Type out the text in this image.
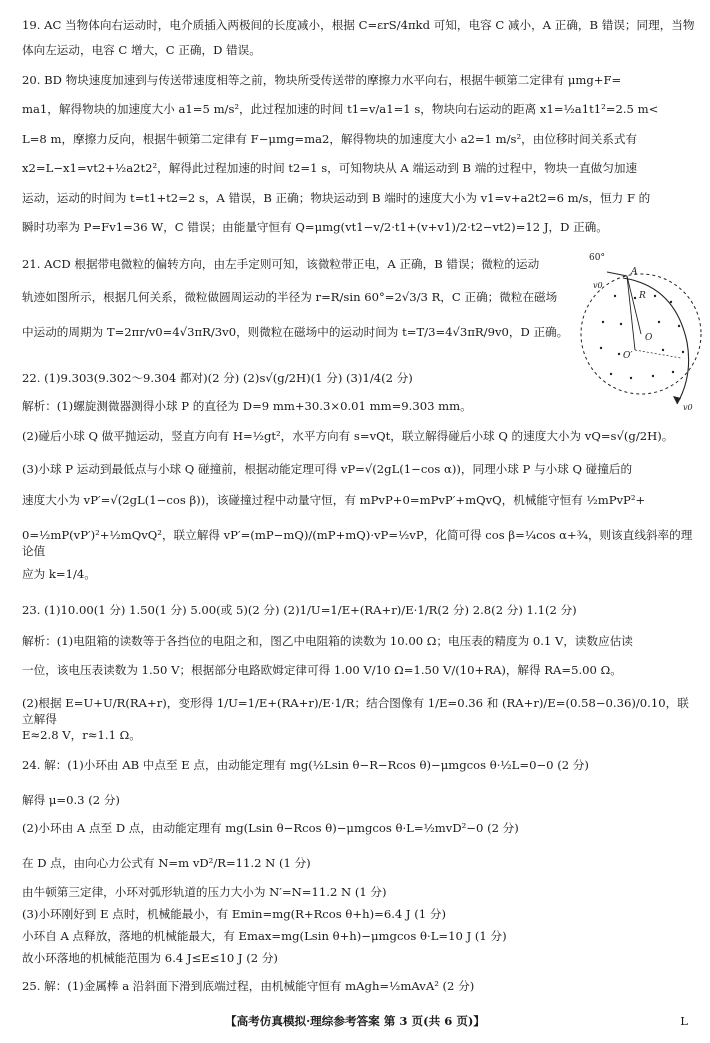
19. AC 当物体向右运动时，电介质插入两极间的长度减小，根据 C=εrS/4πkd 可知，电容 C 减小，A 正确，B 错误；同理，当物
体向左运动，电容 C 增大，C 正确，D 错误。
20. BD 物块速度加速到与传送带速度相等之前，物块所受传送带的摩擦力水平向右，根据牛顿第二定律有 μmg+F=
ma1，解得物块的加速度大小 a1=5 m/s²，此过程加速的时间 t1=v/a1=1 s，物块向右运动的距离 x1=½a1t1²=2.5 m<
L=8 m，摩擦力反向，根据牛顿第二定律有 F−μmg=ma2，解得物块的加速度大小 a2=1 m/s²，由位移时间关系式有
x2=L−x1=vt2+½a2t2²，解得此过程加速的时间 t2=1 s，可知物块从 A 端运动到 B 端的过程中，物块一直做匀加速
运动，运动的时间为 t=t1+t2=2 s，A 错误，B 正确；物块运动到 B 端时的速度大小为 v1=v+a2t2=6 m/s，恒力 F 的
瞬时功率为 P=Fv1=36 W，C 错误；由能量守恒有 Q=μmg(vt1−v/2·t1+(v+v1)/2·t2−vt2)=12 J，D 正确。
21. ACD 根据带电微粒的偏转方向，由左手定则可知，该微粒带正电，A 正确，B 错误；微粒的运动
轨迹如图所示，根据几何关系，微粒做圆周运动的半径为 r=R/sin 60°=2√3/3 R，C 正确；微粒在磁场
中运动的周期为 T=2πr/v0=4√3πR/3v0，则微粒在磁场中的运动时间为 t=T/3=4√3πR/9v0，D 正确。
60°
A
v0
R
O
O′
v0
22. (1)9.303(9.302～9.304 都对)(2 分) (2)s√(g/2H)(1 分) (3)1/4(2 分)
解析：(1)螺旋测微器测得小球 P 的直径为 D=9 mm+30.3×0.01 mm=9.303 mm。
(2)碰后小球 Q 做平抛运动，竖直方向有 H=½gt²，水平方向有 s=vQt，联立解得碰后小球 Q 的速度大小为 vQ=s√(g/2H)。
(3)小球 P 运动到最低点与小球 Q 碰撞前，根据动能定理可得 vP=√(2gL(1−cos α))，同理小球 P 与小球 Q 碰撞后的
速度大小为 vP′=√(2gL(1−cos β))，该碰撞过程中动量守恒，有 mPvP+0=mPvP′+mQvQ，机械能守恒有 ½mPvP²+
0=½mP(vP′)²+½mQvQ²，联立解得 vP′=(mP−mQ)/(mP+mQ)·vP=½vP，化简可得 cos β=¼cos α+¾，则该直线斜率的理论值
应为 k=1/4。
23. (1)10.00(1 分) 1.50(1 分) 5.00(或 5)(2 分) (2)1/U=1/E+(RA+r)/E·1/R(2 分) 2.8(2 分) 1.1(2 分)
解析：(1)电阻箱的读数等于各挡位的电阻之和，图乙中电阻箱的读数为 10.00 Ω；电压表的精度为 0.1 V，读数应估读
一位，该电压表读数为 1.50 V；根据部分电路欧姆定律可得 1.00 V/10 Ω=1.50 V/(10+RA)，解得 RA=5.00 Ω。
(2)根据 E=U+U/R(RA+r)，变形得 1/U=1/E+(RA+r)/E·1/R；结合图像有 1/E=0.36 和 (RA+r)/E=(0.58−0.36)/0.10，联立解得
E≈2.8 V，r≈1.1 Ω。
24. 解：(1)小环由 AB 中点至 E 点，由动能定理有 mg(½Lsin θ−R−Rcos θ)−μmgcos θ·½L=0−0 (2 分)
解得 μ=0.3 (2 分)
(2)小环由 A 点至 D 点，由动能定理有 mg(Lsin θ−Rcos θ)−μmgcos θ·L=½mvD²−0 (2 分)
在 D 点，由向心力公式有 N=m vD²/R=11.2 N (1 分)
由牛顿第三定律，小环对弧形轨道的压力大小为 N′=N=11.2 N (1 分)
(3)小环刚好到 E 点时，机械能最小，有 Emin=mg(R+Rcos θ+h)=6.4 J (1 分)
小环自 A 点释放，落地的机械能最大，有 Emax=mg(Lsin θ+h)−μmgcos θ·L=10 J (1 分)
故小环落地的机械能范围为 6.4 J≤E≤10 J (2 分)
25. 解：(1)金属棒 a 沿斜面下滑到底端过程，由机械能守恒有 mAgh=½mAvA² (2 分)
【高考仿真模拟·理综参考答案 第 3 页(共 6 页)】	L
